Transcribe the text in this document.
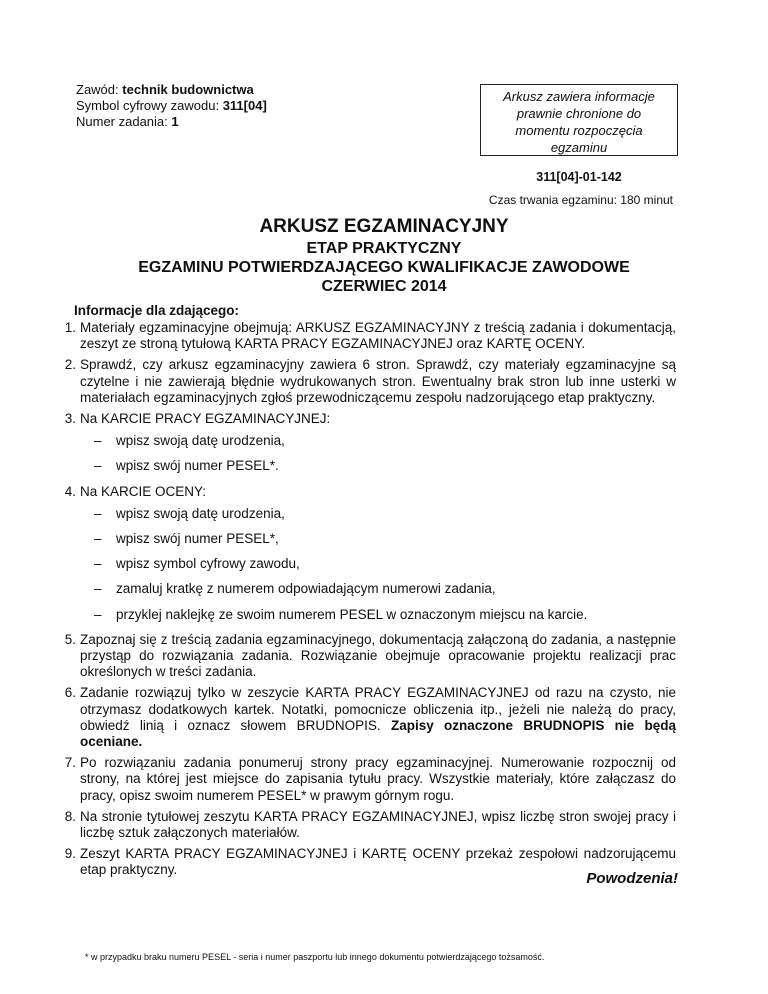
Zawód: technik budownictwa
Symbol cyfrowy zawodu: 311[04]
Numer zadania: 1
Arkusz zawiera informacje
prawnie chronione do
momentu rozpoczęcia
egzaminu
311[04]-01-142
Czas trwania egzaminu: 180 minut
ARKUSZ EGZAMINACYJNY
ETAP PRAKTYCZNY
EGZAMINU POTWIERDZAJĄCEGO KWALIFIKACJE ZAWODOWE
CZERWIEC 2014
Informacje dla zdającego:
1. Materiały egzaminacyjne obejmują: ARKUSZ EGZAMINACYJNY z treścią zadania i dokumentacją, zeszyt ze stroną tytułową KARTA PRACY EGZAMINACYJNEJ oraz KARTĘ OCENY.
2. Sprawdź, czy arkusz egzaminacyjny zawiera 6 stron. Sprawdź, czy materiały egzaminacyjne są czytelne i nie zawierają błędnie wydrukowanych stron. Ewentualny brak stron lub inne usterki w materiałach egzaminacyjnych zgłoś przewodniczącemu zespołu nadzorującego etap praktyczny.
3. Na KARCIE PRACY EGZAMINACYJNEJ:
– wpisz swoją datę urodzenia,
– wpisz swój numer PESEL*.
4. Na KARCIE OCENY:
– wpisz swoją datę urodzenia,
– wpisz swój numer PESEL*,
– wpisz symbol cyfrowy zawodu,
– zamaluj kratkę z numerem odpowiadającym numerowi zadania,
– przyklej naklejkę ze swoim numerem PESEL w oznaczonym miejscu na karcie.
5. Zapoznaj się z treścią zadania egzaminacyjnego, dokumentacją załączoną do zadania, a następnie przystąp do rozwiązania zadania. Rozwiązanie obejmuje opracowanie projektu realizacji prac określonych w treści zadania.
6. Zadanie rozwiązuj tylko w zeszycie KARTA PRACY EGZAMINACYJNEJ od razu na czysto, nie otrzymasz dodatkowych kartek. Notatki, pomocnicze obliczenia itp., jeżeli nie należą do pracy, obwiedź linią i oznacz słowem BRUDNOPIS. Zapisy oznaczone BRUDNOPIS nie będą oceniane.
7. Po rozwiązaniu zadania ponumeruj strony pracy egzaminacyjnej. Numerowanie rozpocznij od strony, na której jest miejsce do zapisania tytułu pracy. Wszystkie materiały, które załączasz do pracy, opisz swoim numerem PESEL* w prawym górnym rogu.
8. Na stronie tytułowej zeszytu KARTA PRACY EGZAMINACYJNEJ, wpisz liczbę stron swojej pracy i liczbę sztuk załączonych materiałów.
9. Zeszyt KARTA PRACY EGZAMINACYJNEJ i KARTĘ OCENY przekaż zespołowi nadzorującemu etap praktyczny.
Powodzenia!
* w przypadku braku numeru PESEL - seria i numer paszportu lub innego dokumentu potwierdzającego tożsamość.
